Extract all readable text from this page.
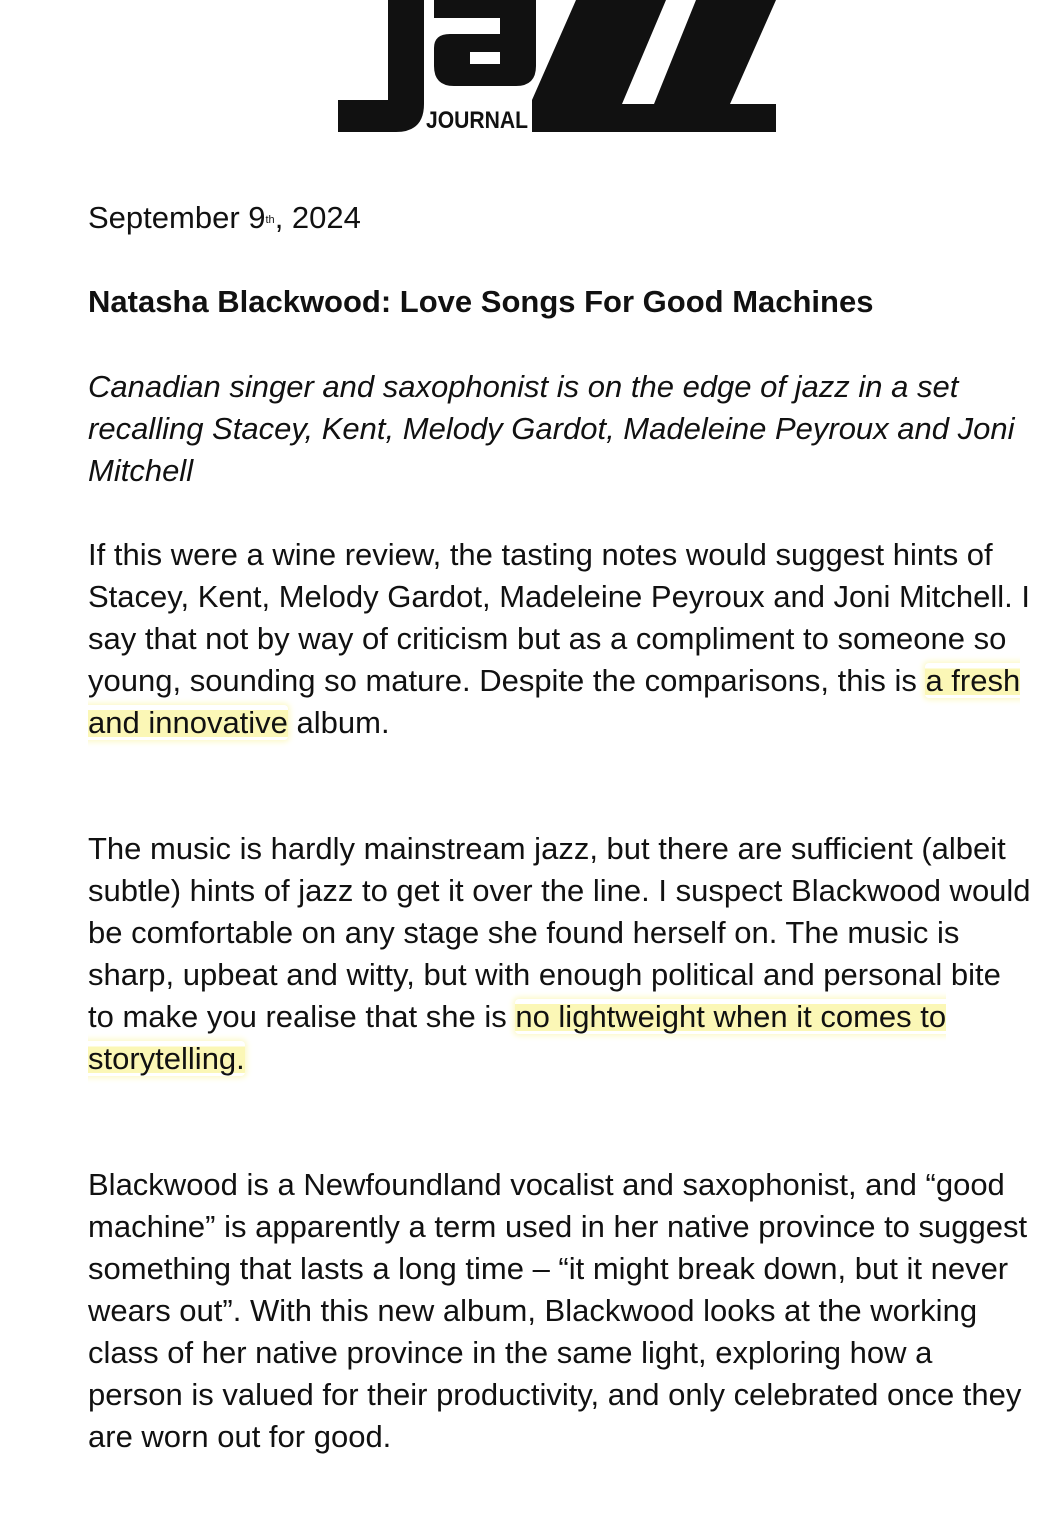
JOURNAL

September 9th, 2024

Natasha Blackwood: Love Songs For Good Machines

Canadian singer and saxophonist is on the edge of jazz in a set recalling Stacey, Kent, Melody Gardot, Madeleine Peyroux and Joni Mitchell

If this were a wine review, the tasting notes would suggest hints of Stacey, Kent, Melody Gardot, Madeleine Peyroux and Joni Mitchell. I say that not by way of criticism but as a compliment to someone so young, sounding so mature. Despite the comparisons, this is a fresh and innovative album.

The music is hardly mainstream jazz, but there are sufficient (albeit subtle) hints of jazz to get it over the line. I suspect Blackwood would be comfortable on any stage she found herself on. The music is sharp, upbeat and witty, but with enough political and personal bite to make you realise that she is no lightweight when it comes to storytelling.

Blackwood is a Newfoundland vocalist and saxophonist, and “good machine” is apparently a term used in her native province to suggest something that lasts a long time – “it might break down, but it never wears out”. With this new album, Blackwood looks at the working class of her native province in the same light, exploring how a person is valued for their productivity, and only celebrated once they are worn out for good.
